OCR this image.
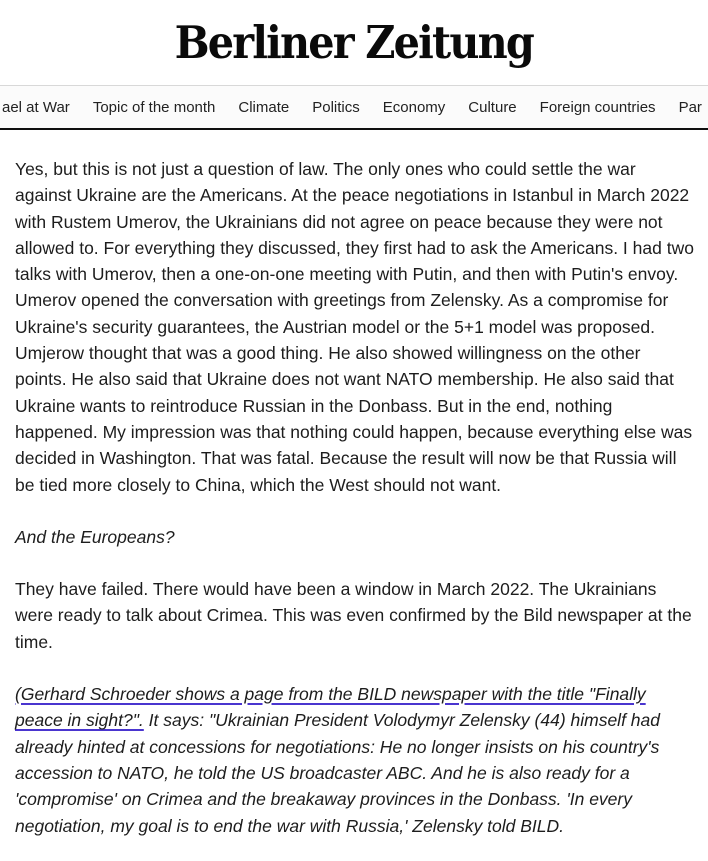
Berliner Zeitung
ael at War Topic of the month Climate Politics Economy Culture Foreign countries Par

Yes, but this is not just a question of law. The only ones who could settle the war against Ukraine are the Americans. At the peace negotiations in Istanbul in March 2022 with Rustem Umerov, the Ukrainians did not agree on peace because they were not allowed to. For everything they discussed, they first had to ask the Americans. I had two talks with Umerov, then a one-on-one meeting with Putin, and then with Putin's envoy. Umerov opened the conversation with greetings from Zelensky. As a compromise for Ukraine's security guarantees, the Austrian model or the 5+1 model was proposed. Umjerow thought that was a good thing. He also showed willingness on the other points. He also said that Ukraine does not want NATO membership. He also said that Ukraine wants to reintroduce Russian in the Donbass. But in the end, nothing happened. My impression was that nothing could happen, because everything else was decided in Washington. That was fatal. Because the result will now be that Russia will be tied more closely to China, which the West should not want.

And the Europeans?

They have failed. There would have been a window in March 2022. The Ukrainians were ready to talk about Crimea. This was even confirmed by the Bild newspaper at the time.

(Gerhard Schroeder shows a page from the BILD newspaper with the title "Finally peace in sight?". It says: "Ukrainian President Volodymyr Zelensky (44) himself had already hinted at concessions for negotiations: He no longer insists on his country's accession to NATO, he told the US broadcaster ABC. And he is also ready for a 'compromise' on Crimea and the breakaway provinces in the Donbass. 'In every negotiation, my goal is to end the war with Russia,' Zelensky told BILD.
